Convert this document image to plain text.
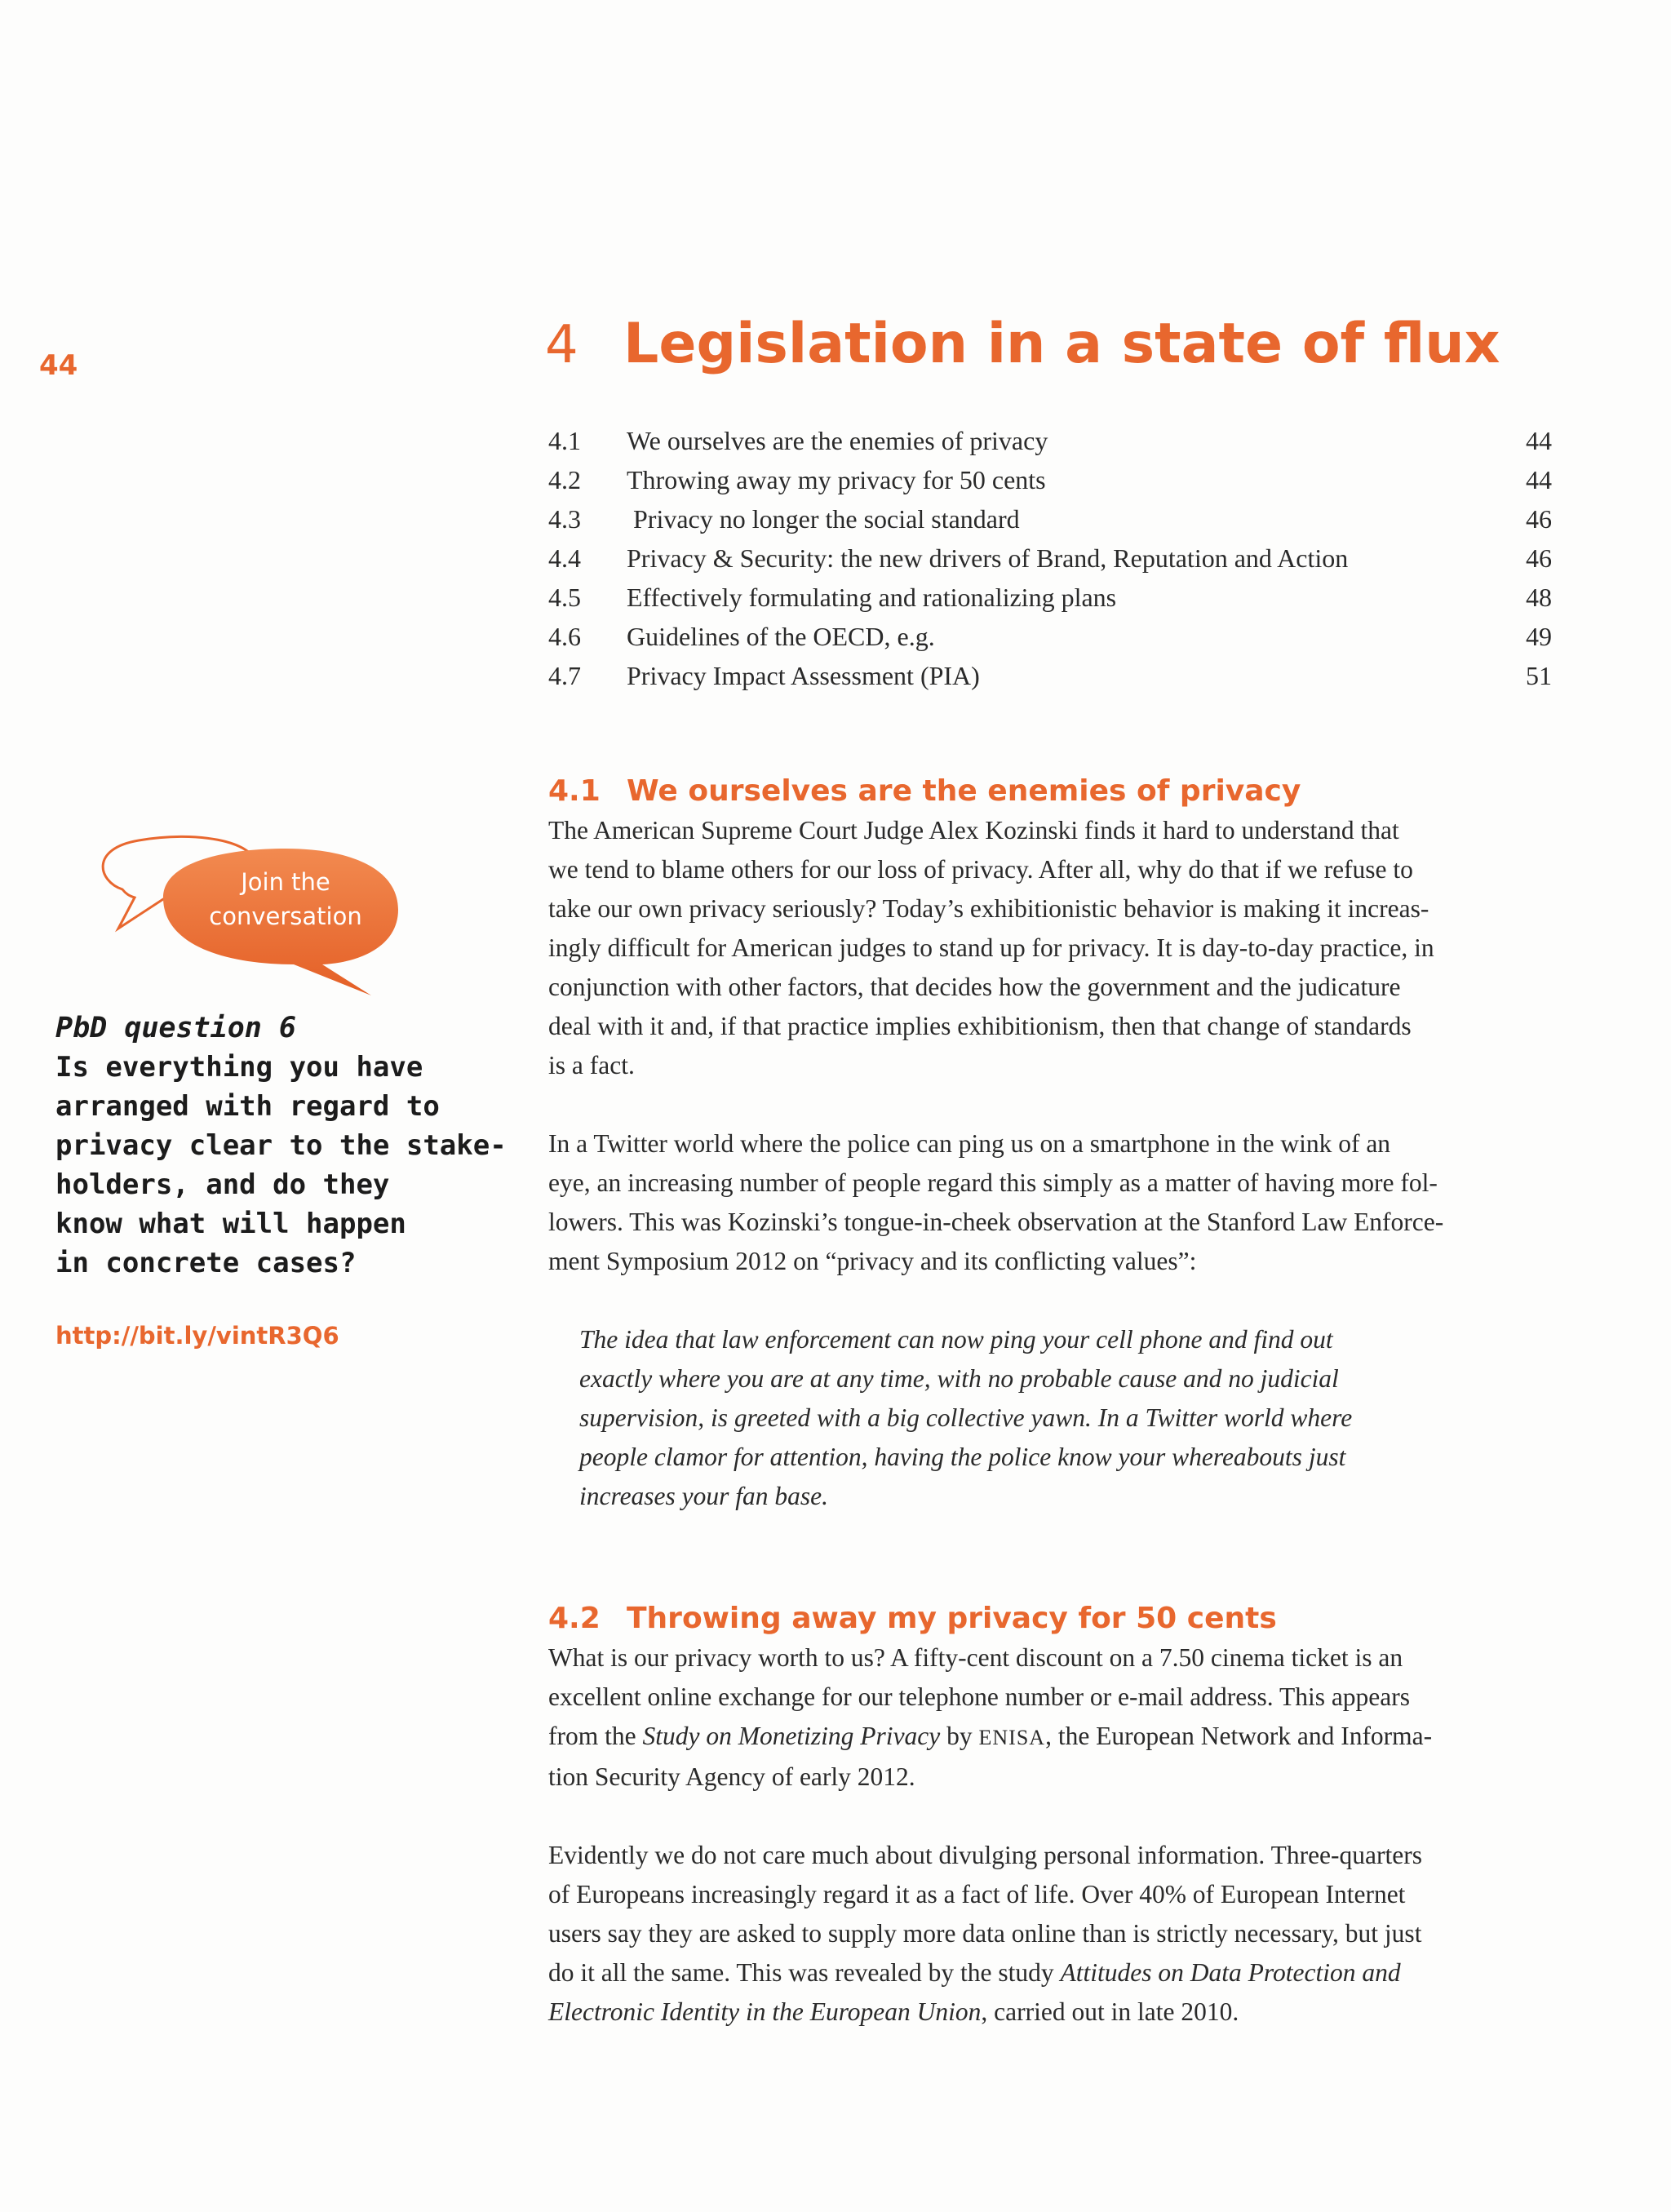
44	4 Legislation in a state of flux
4.1	We ourselves are the enemies of privacy	44
4.2	Throwing away my privacy for 50 cents	44
4.3	Privacy no longer the social standard	46
4.4	Privacy & Security: the new drivers of Brand, Reputation and Action	46
4.5	Effectively formulating and rationalizing plans	48
4.6	Guidelines of the OECD, e.g.	49
4.7	Privacy Impact Assessment (PIA)	51
Join the
conversation
PbD question 6
Is everything you have
arranged with regard to
privacy clear to the stake-
holders, and do they
know what will happen
in concrete cases?
http://bit.ly/vintR3Q6
4.1 We ourselves are the enemies of privacy

The American Supreme Court Judge Alex Kozinski finds it hard to understand that
we tend to blame others for our loss of privacy. After all, why do that if we refuse to
take our own privacy seriously? Today’s exhibitionistic behavior is making it increas-
ingly difficult for American judges to stand up for privacy. It is day-to-day practice, in
conjunction with other factors, that decides how the government and the judicature
deal with it and, if that practice implies exhibitionism, then that change of standards
is a fact.

In a Twitter world where the police can ping us on a smartphone in the wink of an
eye, an increasing number of people regard this simply as a matter of having more fol-
lowers. This was Kozinski’s tongue-in-cheek observation at the Stanford Law Enforce-
ment Symposium 2012 on “privacy and its conflicting values”:

The idea that law enforcement can now ping your cell phone and find out
exactly where you are at any time, with no probable cause and no judicial
supervision, is greeted with a big collective yawn. In a Twitter world where
people clamor for attention, having the police know your whereabouts just
increases your fan base.

4.2 Throwing away my privacy for 50 cents

What is our privacy worth to us? A fifty-cent discount on a 7.50 cinema ticket is an
excellent online exchange for our telephone number or e-mail address. This appears
from the Study on Monetizing Privacy by ENISA, the European Network and Informa-
tion Security Agency of early 2012.

Evidently we do not care much about divulging personal information. Three-quarters
of Europeans increasingly regard it as a fact of life. Over 40% of European Internet
users say they are asked to supply more data online than is strictly necessary, but just
do it all the same. This was revealed by the study Attitudes on Data Protection and
Electronic Identity in the European Union, carried out in late 2010.
